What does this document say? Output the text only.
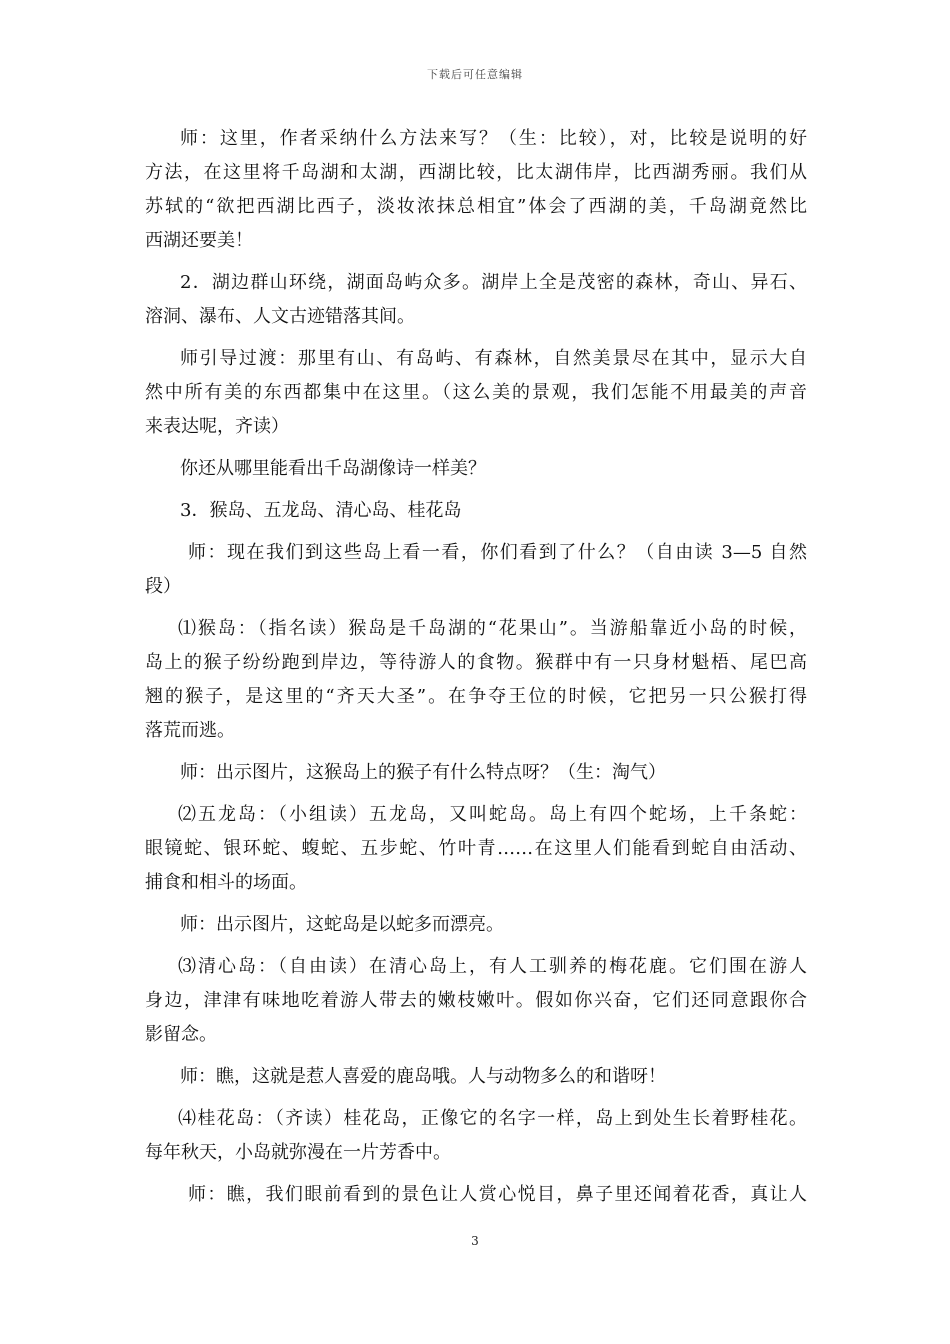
下载后可任意编辑
师：这里，作者采纳什么方法来写？（生：比较），对，比较是说明的好
方法，在这里将千岛湖和太湖，西湖比较，比太湖伟岸，比西湖秀丽。我们从
苏轼的“欲把西湖比西子，淡妆浓抹总相宜”体会了西湖的美，千岛湖竟然比
西湖还要美！
2．湖边群山环绕，湖面岛屿众多。湖岸上全是茂密的森林，奇山、异石、
溶洞、瀑布、人文古迹错落其间。
师引导过渡：那里有山、有岛屿、有森林，自然美景尽在其中，显示大自
然中所有美的东西都集中在这里。（这么美的景观，我们怎能不用最美的声音
来表达呢，齐读）
你还从哪里能看出千岛湖像诗一样美？
3．猴岛、五龙岛、清心岛、桂花岛
师：现在我们到这些岛上看一看，你们看到了什么？（自由读 3—5 自然
段）
⑴猴岛：（指名读）猴岛是千岛湖的“花果山”。当游船靠近小岛的时候，
岛上的猴子纷纷跑到岸边，等待游人的食物。猴群中有一只身材魁梧、尾巴高
翘的猴子，是这里的“齐天大圣”。在争夺王位的时候，它把另一只公猴打得
落荒而逃。
师：出示图片，这猴岛上的猴子有什么特点呀？（生：淘气）
⑵五龙岛：（小组读）五龙岛，又叫蛇岛。岛上有四个蛇场，上千条蛇：
眼镜蛇、银环蛇、蝮蛇、五步蛇、竹叶青……在这里人们能看到蛇自由活动、
捕食和相斗的场面。
师：出示图片，这蛇岛是以蛇多而漂亮。
⑶清心岛：（自由读）在清心岛上，有人工驯养的梅花鹿。它们围在游人
身边，津津有味地吃着游人带去的嫩枝嫩叶。假如你兴奋，它们还同意跟你合
影留念。
师：瞧，这就是惹人喜爱的鹿岛哦。人与动物多么的和谐呀！
⑷桂花岛：（齐读）桂花岛，正像它的名字一样，岛上到处生长着野桂花。
每年秋天，小岛就弥漫在一片芳香中。
师：瞧，我们眼前看到的景色让人赏心悦目，鼻子里还闻着花香，真让人
3
